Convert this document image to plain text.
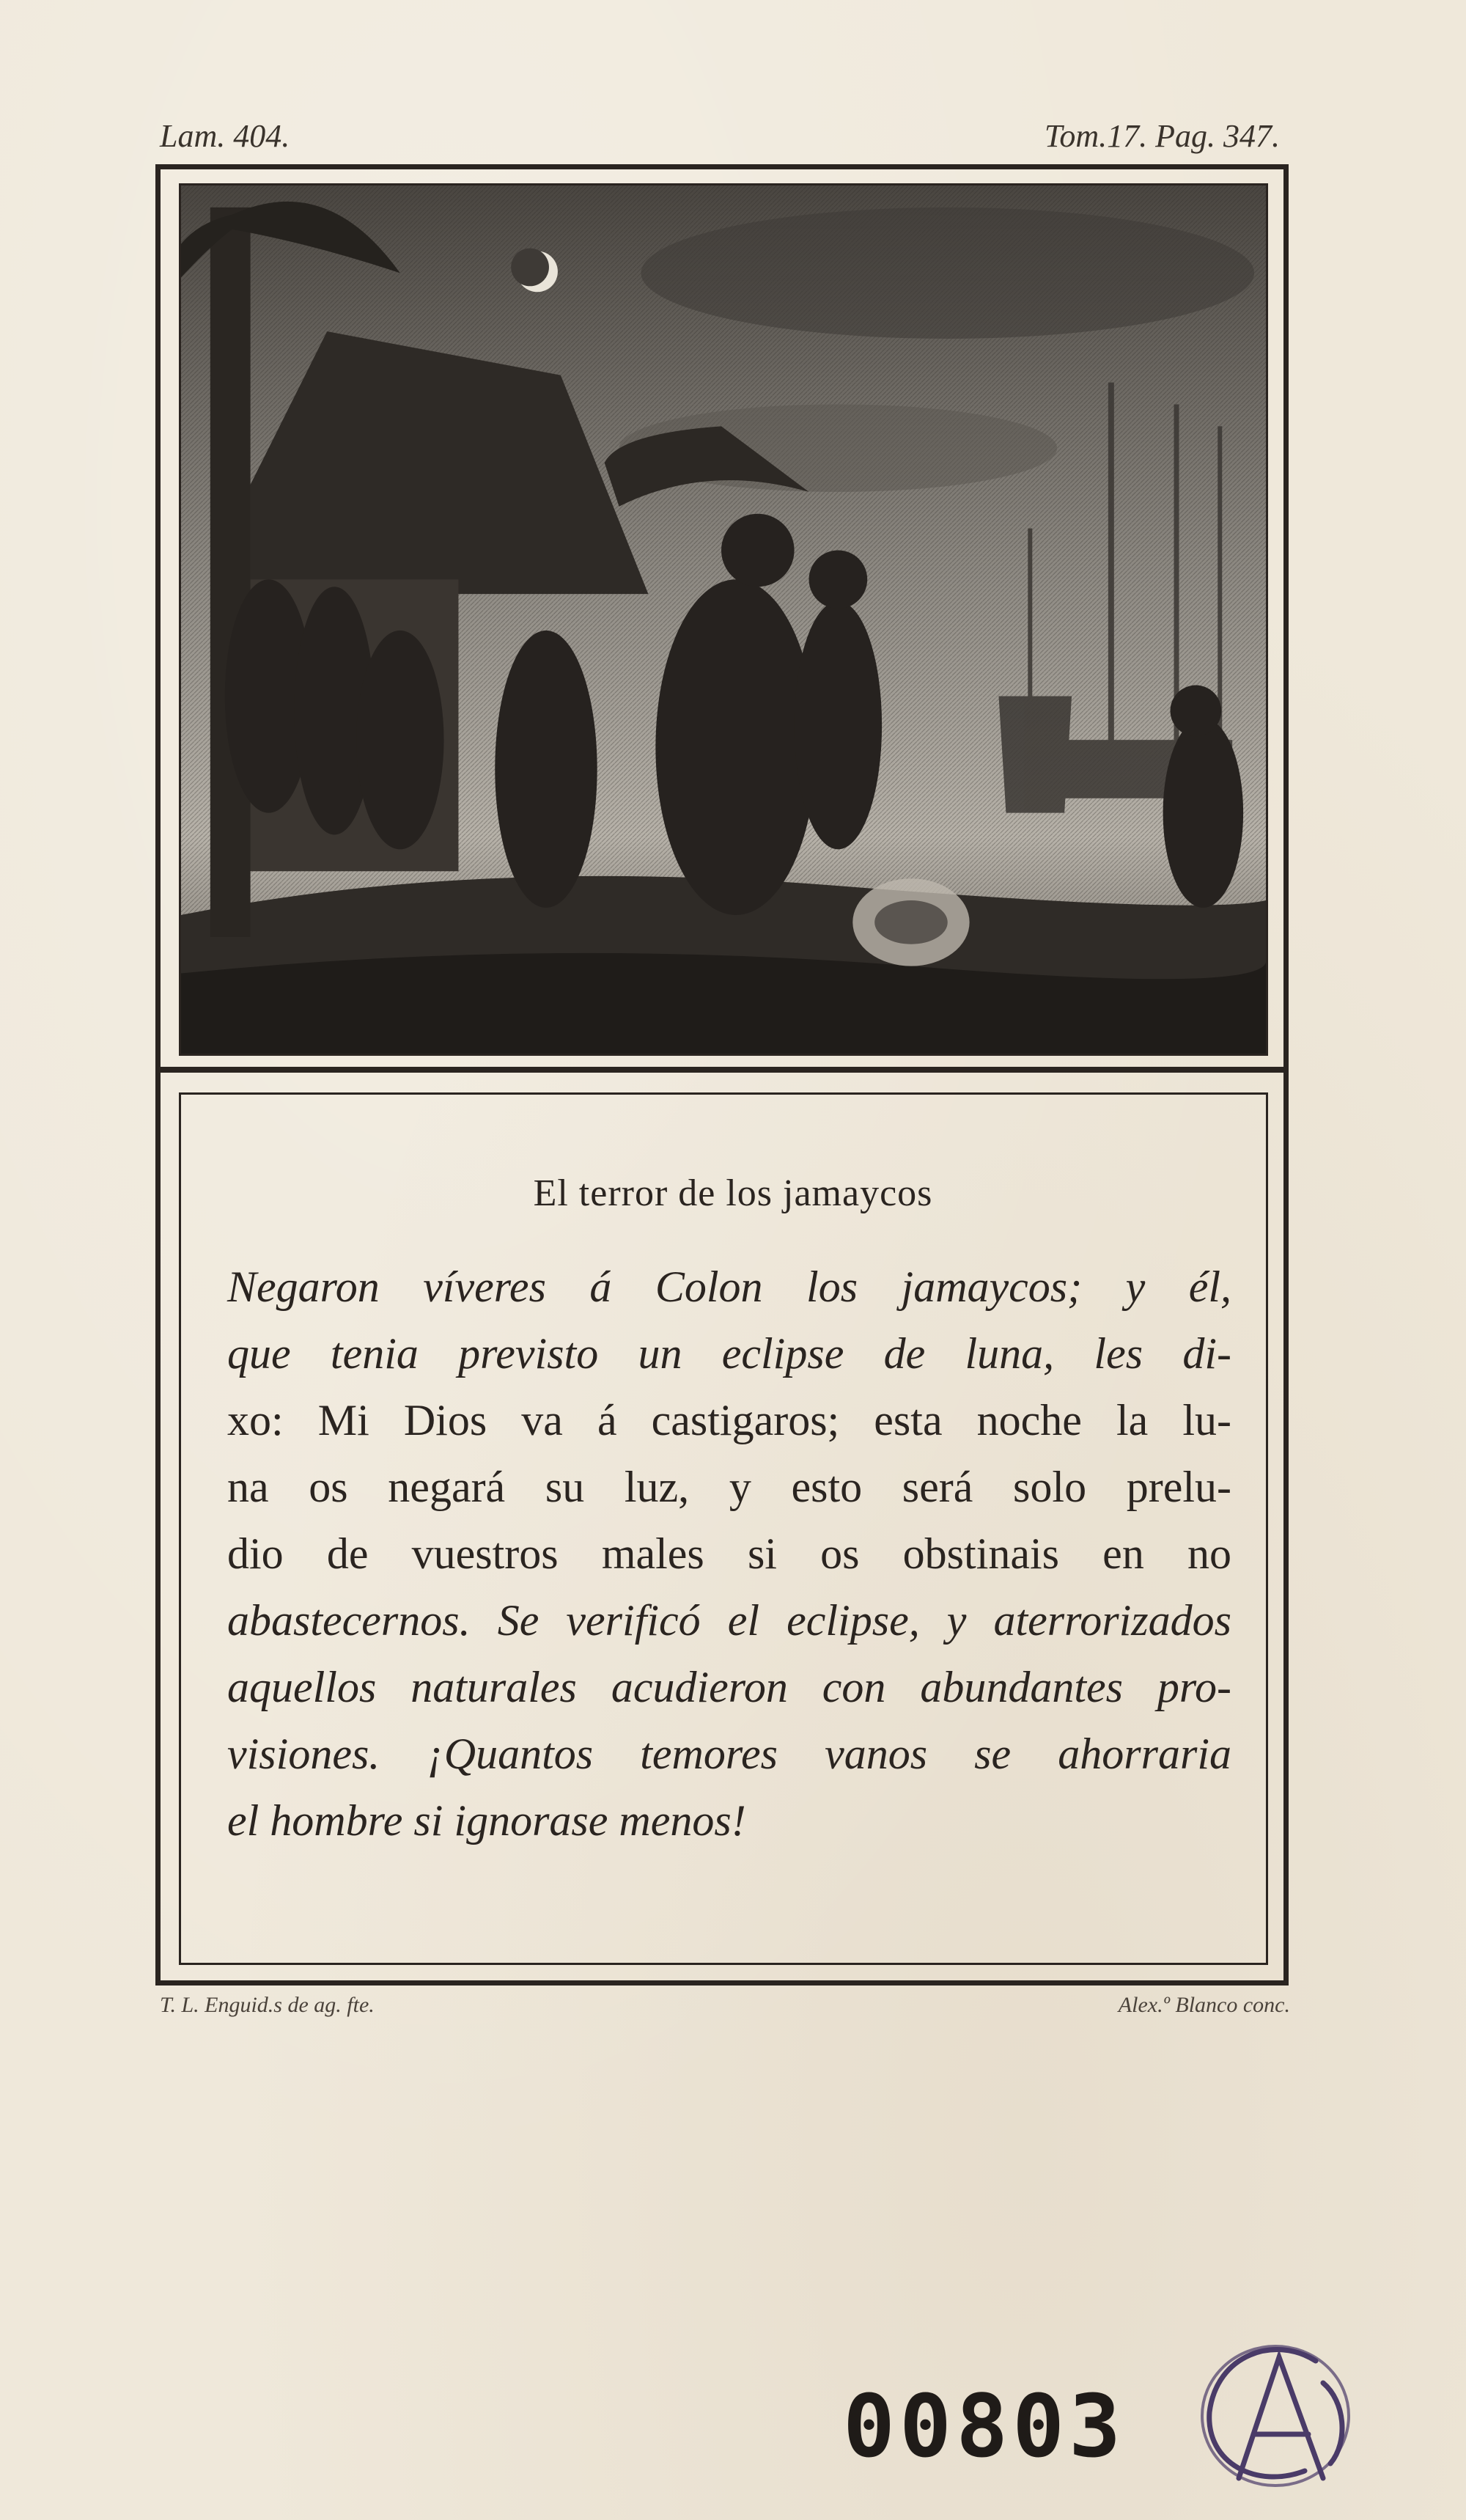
Lam. 404.	Tom.17. Pag. 347.
El terror de los jamaycos
Negaron víveres á Colon los jamaycos; y él,
que tenia previsto un eclipse de luna, les di-
xo: Mi Dios va á castigaros; esta noche la lu-
na os negará su luz, y esto será solo prelu-
dio de vuestros males si os obstinais en no
abastecernos. Se verificó el eclipse, y aterrorizados
aquellos naturales acudieron con abundantes pro-
visiones. ¡Quantos temores vanos se ahorraria
el hombre si ignorase menos!
T. L. Enguid.s de ag. fte.	Alex.º Blanco conc.
00803
